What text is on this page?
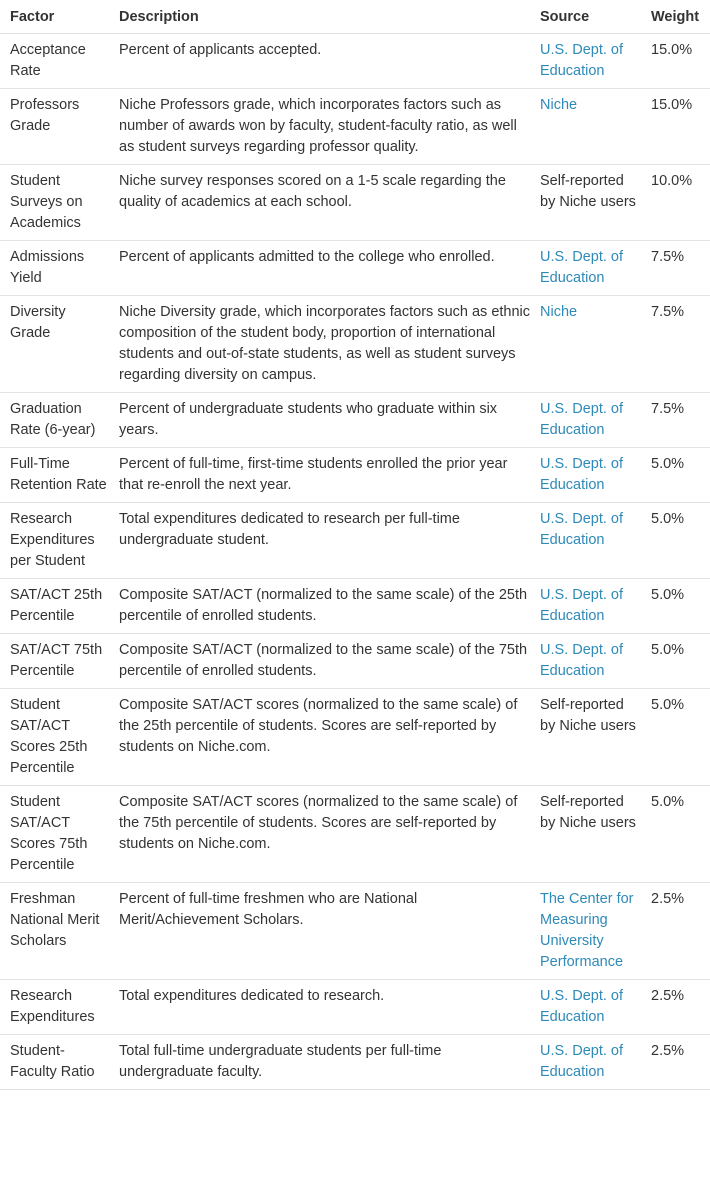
Factor	Description	Source	Weight
Acceptance Rate	Percent of applicants accepted.	U.S. Dept. of Education	15.0%
Professors Grade	Niche Professors grade, which incorporates factors such as number of awards won by faculty, student-faculty ratio, as well as student surveys regarding professor quality.	Niche	15.0%
Student Surveys on Academics	Niche survey responses scored on a 1-5 scale regarding the quality of academics at each school.	Self-reported by Niche users	10.0%
Admissions Yield	Percent of applicants admitted to the college who enrolled.	U.S. Dept. of Education	7.5%
Diversity Grade	Niche Diversity grade, which incorporates factors such as ethnic composition of the student body, proportion of international students and out-of-state students, as well as student surveys regarding diversity on campus.	Niche	7.5%
Graduation Rate (6-year)	Percent of undergraduate students who graduate within six years.	U.S. Dept. of Education	7.5%
Full-Time Retention Rate	Percent of full-time, first-time students enrolled the prior year that re-enroll the next year.	U.S. Dept. of Education	5.0%
Research Expenditures per Student	Total expenditures dedicated to research per full-time undergraduate student.	U.S. Dept. of Education	5.0%
SAT/ACT 25th Percentile	Composite SAT/ACT (normalized to the same scale) of the 25th percentile of enrolled students.	U.S. Dept. of Education	5.0%
SAT/ACT 75th Percentile	Composite SAT/ACT (normalized to the same scale) of the 75th percentile of enrolled students.	U.S. Dept. of Education	5.0%
Student SAT/ACT Scores 25th Percentile	Composite SAT/ACT scores (normalized to the same scale) of the 25th percentile of students. Scores are self-reported by students on Niche.com.	Self-reported by Niche users	5.0%
Student SAT/ACT Scores 75th Percentile	Composite SAT/ACT scores (normalized to the same scale) of the 75th percentile of students. Scores are self-reported by students on Niche.com.	Self-reported by Niche users	5.0%
Freshman National Merit Scholars	Percent of full-time freshmen who are National Merit/Achievement Scholars.	The Center for Measuring University Performance	2.5%
Research Expenditures	Total expenditures dedicated to research.	U.S. Dept. of Education	2.5%
Student-Faculty Ratio	Total full-time undergraduate students per full-time undergraduate faculty.	U.S. Dept. of Education	2.5%
